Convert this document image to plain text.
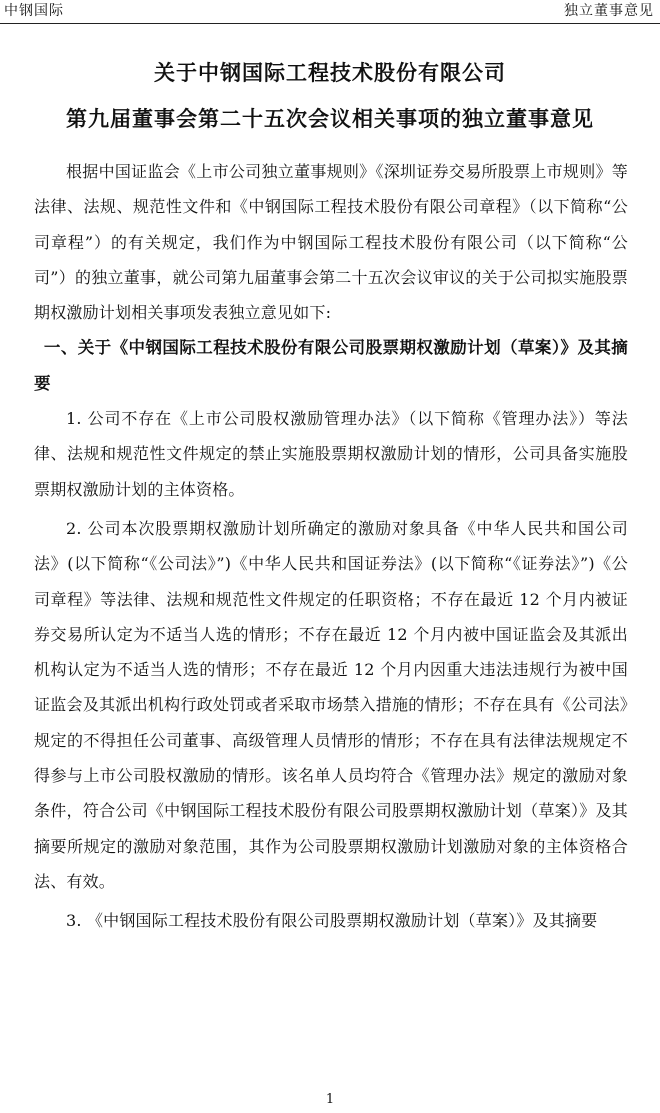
中钢国际	独立董事意见
关于中钢国际工程技术股份有限公司
第九届董事会第二十五次会议相关事项的独立董事意见

根据中国证监会《上市公司独立董事规则》《深圳证券交易所股票上市规则》等法律、法规、规范性文件和《中钢国际工程技术股份有限公司章程》（以下简称“公司章程”）的有关规定，我们作为中钢国际工程技术股份有限公司（以下简称“公司”）的独立董事，就公司第九届董事会第二十五次会议审议的关于公司拟实施股票期权激励计划相关事项发表独立意见如下:

一、关于《中钢国际工程技术股份有限公司股票期权激励计划（草案）》及其摘要

1. 公司不存在《上市公司股权激励管理办法》（以下简称《管理办法》）等法律、法规和规范性文件规定的禁止实施股票期权激励计划的情形，公司具备实施股票期权激励计划的主体资格。

2. 公司本次股票期权激励计划所确定的激励对象具备《中华人民共和国公司法》(以下简称“《公司法》”)《中华人民共和国证券法》(以下简称“《证券法》”)《公司章程》等法律、法规和规范性文件规定的任职资格；不存在最近 12 个月内被证券交易所认定为不适当人选的情形；不存在最近 12 个月内被中国证监会及其派出机构认定为不适当人选的情形；不存在最近 12 个月内因重大违法违规行为被中国证监会及其派出机构行政处罚或者采取市场禁入措施的情形；不存在具有《公司法》规定的不得担任公司董事、高级管理人员情形的情形；不存在具有法律法规规定不得参与上市公司股权激励的情形。该名单人员均符合《管理办法》规定的激励对象条件，符合公司《中钢国际工程技术股份有限公司股票期权激励计划（草案）》及其摘要所规定的激励对象范围，其作为公司股票期权激励计划激励对象的主体资格合法、有效。

3. 《中钢国际工程技术股份有限公司股票期权激励计划（草案）》及其摘要

1
